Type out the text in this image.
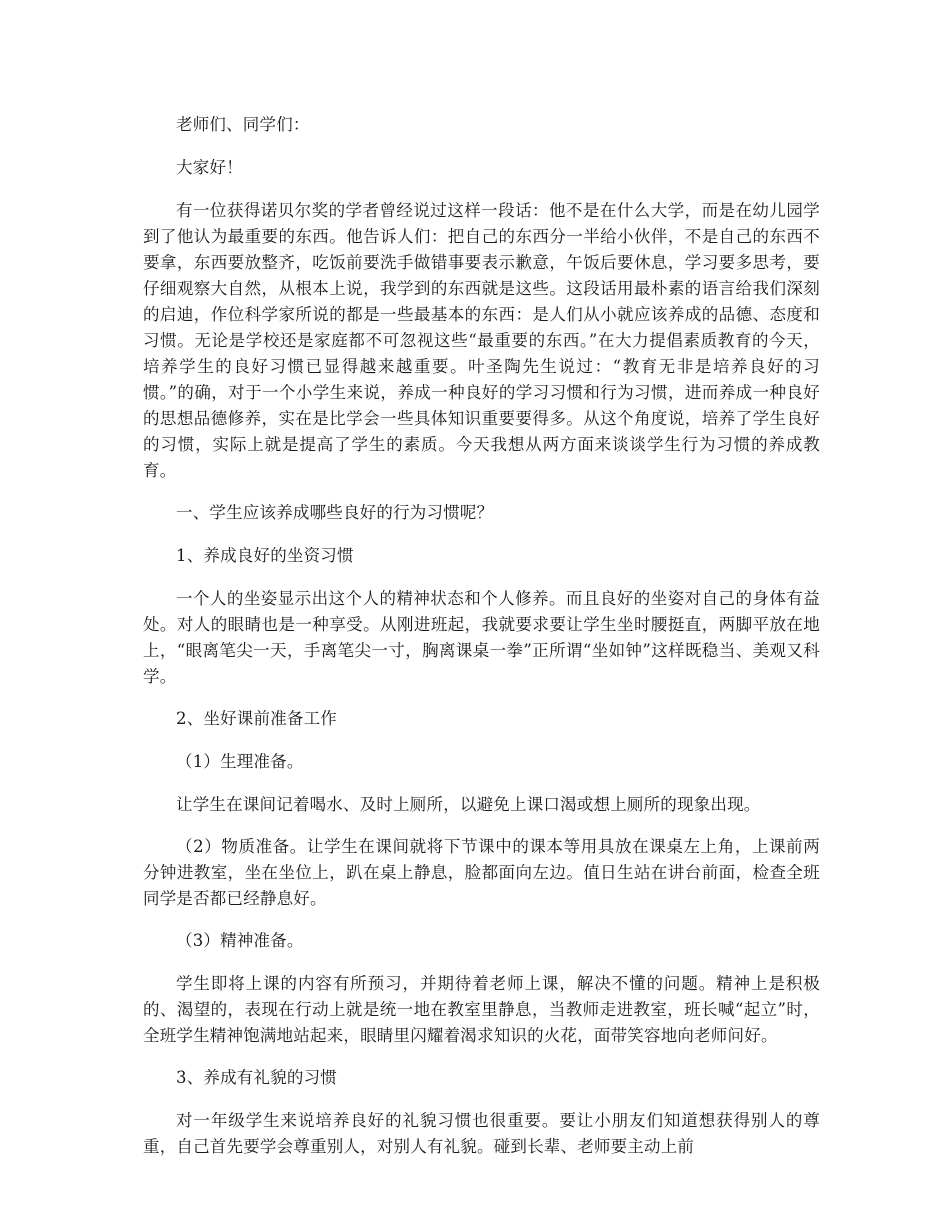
老师们、同学们：

大家好！

有一位获得诺贝尔奖的学者曾经说过这样一段话：他不是在什么大学，而是在幼儿园学到了他认为最重要的东西。他告诉人们：把自己的东西分一半给小伙伴，不是自己的东西不要拿，东西要放整齐，吃饭前要洗手做错事要表示歉意，午饭后要休息，学习要多思考，要仔细观察大自然，从根本上说，我学到的东西就是这些。这段话用最朴素的语言给我们深刻的启迪，作位科学家所说的都是一些最基本的东西：是人们从小就应该养成的品德、态度和习惯。无论是学校还是家庭都不可忽视这些“最重要的东西。”在大力提倡素质教育的今天，培养学生的良好习惯已显得越来越重要。叶圣陶先生说过：“教育无非是培养良好的习惯。”的确，对于一个小学生来说，养成一种良好的学习习惯和行为习惯，进而养成一种良好的思想品德修养，实在是比学会一些具体知识重要要得多。从这个角度说，培养了学生良好的习惯，实际上就是提高了学生的素质。今天我想从两方面来谈谈学生行为习惯的养成教育。

一、学生应该养成哪些良好的行为习惯呢？

1、养成良好的坐资习惯

一个人的坐姿显示出这个人的精神状态和个人修养。而且良好的坐姿对自己的身体有益处。对人的眼睛也是一种享受。从刚进班起，我就要求要让学生坐时腰挺直，两脚平放在地上，“眼离笔尖一天，手离笔尖一寸，胸离课桌一拳”正所谓“坐如钟”这样既稳当、美观又科学。

2、坐好课前准备工作

（1）生理准备。

让学生在课间记着喝水、及时上厕所，以避免上课口渴或想上厕所的现象出现。

（2）物质准备。让学生在课间就将下节课中的课本等用具放在课桌左上角，上课前两分钟进教室，坐在坐位上，趴在桌上静息，脸都面向左边。值日生站在讲台前面，检查全班同学是否都已经静息好。

（3）精神准备。

学生即将上课的内容有所预习，并期待着老师上课，解决不懂的问题。精神上是积极的、渴望的，表现在行动上就是统一地在教室里静息，当教师走进教室，班长喊“起立”时，全班学生精神饱满地站起来，眼睛里闪耀着渴求知识的火花，面带笑容地向老师问好。

3、养成有礼貌的习惯

对一年级学生来说培养良好的礼貌习惯也很重要。要让小朋友们知道想获得别人的尊重，自己首先要学会尊重别人，对别人有礼貌。碰到长辈、老师要主动上前
